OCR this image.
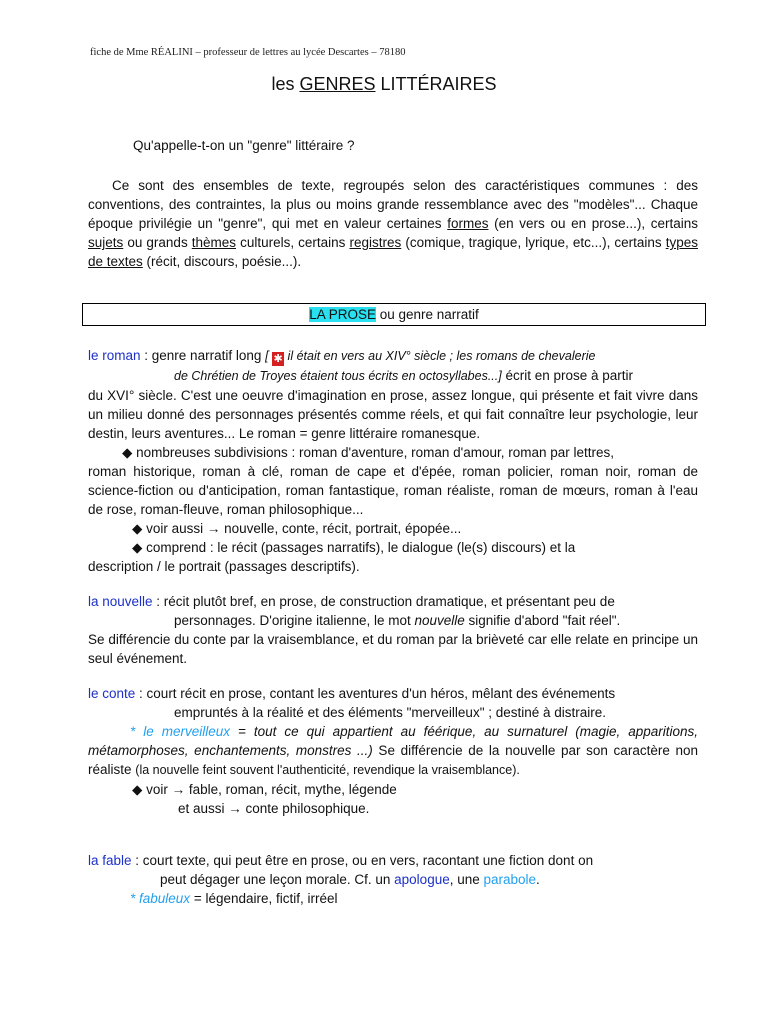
fiche de Mme RÉALINI – professeur de lettres au lycée Descartes – 78180
les GENRES LITTÉRAIRES
Qu'appelle-t-on un "genre" littéraire ?

Ce sont des ensembles de texte, regroupés selon des caractéristiques communes : des conventions, des contraintes, la plus ou moins grande ressemblance avec des "modèles"... Chaque époque privilégie un "genre", qui met en valeur certaines formes (en vers ou en prose...), certains sujets ou grands thèmes culturels, certains registres (comique, tragique, lyrique, etc...), certains types de textes (récit, discours, poésie...).

LA PROSE ou genre narratif
le roman : genre narratif long [ ✱ il était en vers au XIV° siècle ; les romans de chevalerie
de Chrétien de Troyes étaient tous écrits en octosyllabes...] écrit en prose à partir
du XVI° siècle. C'est une oeuvre d'imagination en prose, assez longue, qui présente et fait vivre dans un milieu donné des personnages présentés comme réels, et qui fait connaître leur psychologie, leur destin, leurs aventures... Le roman = genre littéraire romanesque.
◆ nombreuses subdivisions : roman d'aventure, roman d'amour, roman par lettres,
roman historique, roman à clé, roman de cape et d'épée, roman policier, roman noir, roman de science-fiction ou d'anticipation, roman fantastique, roman réaliste, roman de mœurs, roman à l'eau de rose, roman-fleuve, roman philosophique...
◆ voir aussi → nouvelle, conte, récit, portrait, épopée...
◆ comprend : le récit (passages narratifs), le dialogue (le(s) discours) et la
description / le portrait (passages descriptifs).
la nouvelle : récit plutôt bref, en prose, de construction dramatique, et présentant peu de
personnages. D'origine italienne, le mot nouvelle signifie d'abord "fait réel".
Se différencie du conte par la vraisemblance, et du roman par la brièveté car elle relate en principe un seul événement.
le conte : court récit en prose, contant les aventures d'un héros, mêlant des événements
empruntés à la réalité et des éléments "merveilleux" ; destiné à distraire.
* le merveilleux = tout ce qui appartient au féérique, au surnaturel (magie, apparitions, métamorphoses, enchantements, monstres ...) Se différencie de la nouvelle par son caractère non réaliste (la nouvelle feint souvent l'authenticité, revendique la vraisemblance).
◆ voir → fable, roman, récit, mythe, légende
et aussi → conte philosophique.
la fable : court texte, qui peut être en prose, ou en vers, racontant une fiction dont on
peut dégager une leçon morale. Cf. un apologue, une parabole.
* fabuleux = légendaire, fictif, irréel
